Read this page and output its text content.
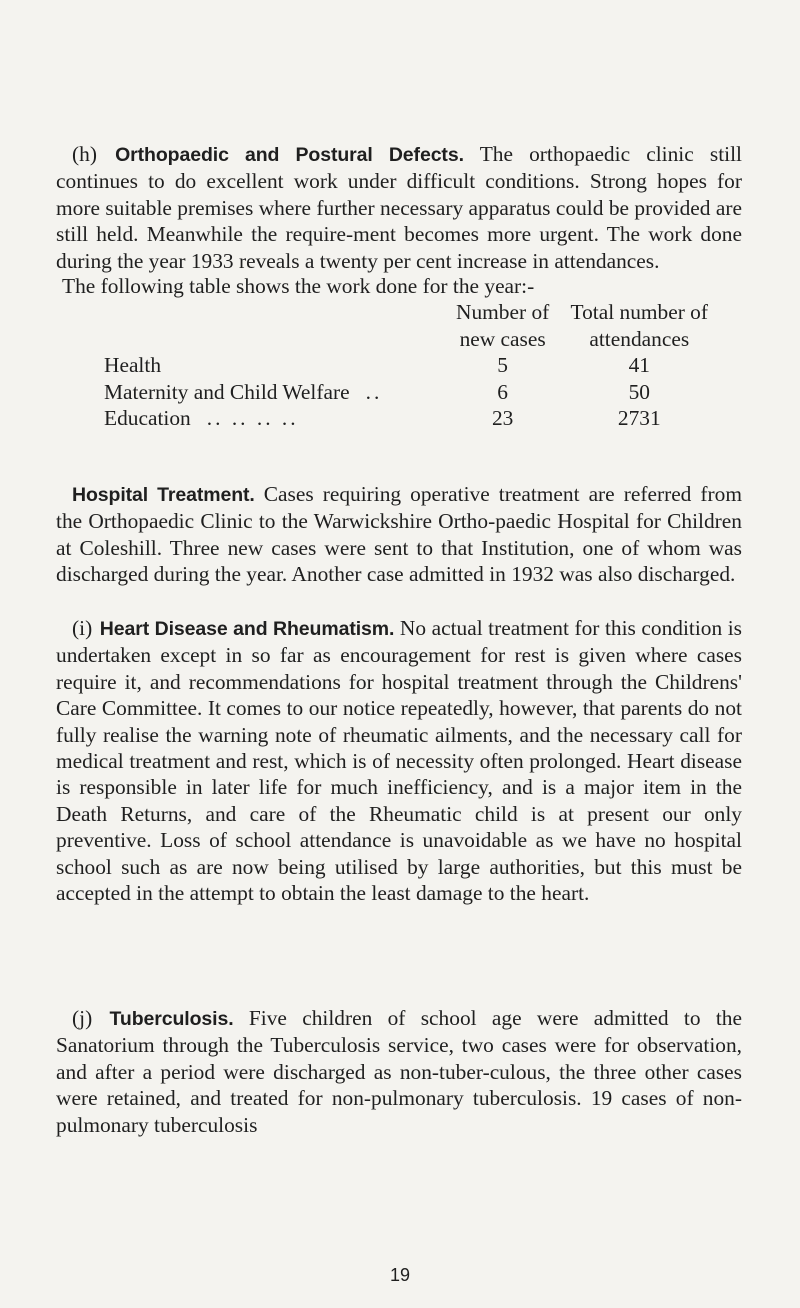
(h) Orthopaedic and Postural Defects. The orthopaedic clinic still continues to do excellent work under difficult conditions. Strong hopes for more suitable premises where further necessary apparatus could be provided are still held. Meanwhile the require-ment becomes more urgent. The work done during the year 1933 reveals a twenty per cent increase in attendances.

The following table shows the work done for the year:-

	Number of	Total number of
	new cases	attendances
Health	5	41
Maternity and Child Welfare ..	6	50
Education .. .. .. ..	23	2731

Hospital Treatment. Cases requiring operative treatment are referred from the Orthopaedic Clinic to the Warwickshire Ortho-paedic Hospital for Children at Coleshill. Three new cases were sent to that Institution, one of whom was discharged during the year. Another case admitted in 1932 was also discharged.

(i) Heart Disease and Rheumatism. No actual treatment for this condition is undertaken except in so far as encouragement for rest is given where cases require it, and recommendations for hospital treatment through the Childrens' Care Committee. It comes to our notice repeatedly, however, that parents do not fully realise the warning note of rheumatic ailments, and the necessary call for medical treatment and rest, which is of necessity often prolonged. Heart disease is responsible in later life for much inefficiency, and is a major item in the Death Returns, and care of the Rheumatic child is at present our only preventive. Loss of school attendance is unavoidable as we have no hospital school such as are now being utilised by large authorities, but this must be accepted in the attempt to obtain the least damage to the heart.

(j) Tuberculosis. Five children of school age were admitted to the Sanatorium through the Tuberculosis service, two cases were for observation, and after a period were discharged as non-tuber-culous, the three other cases were retained, and treated for non-pulmonary tuberculosis. 19 cases of non-pulmonary tuberculosis

19
